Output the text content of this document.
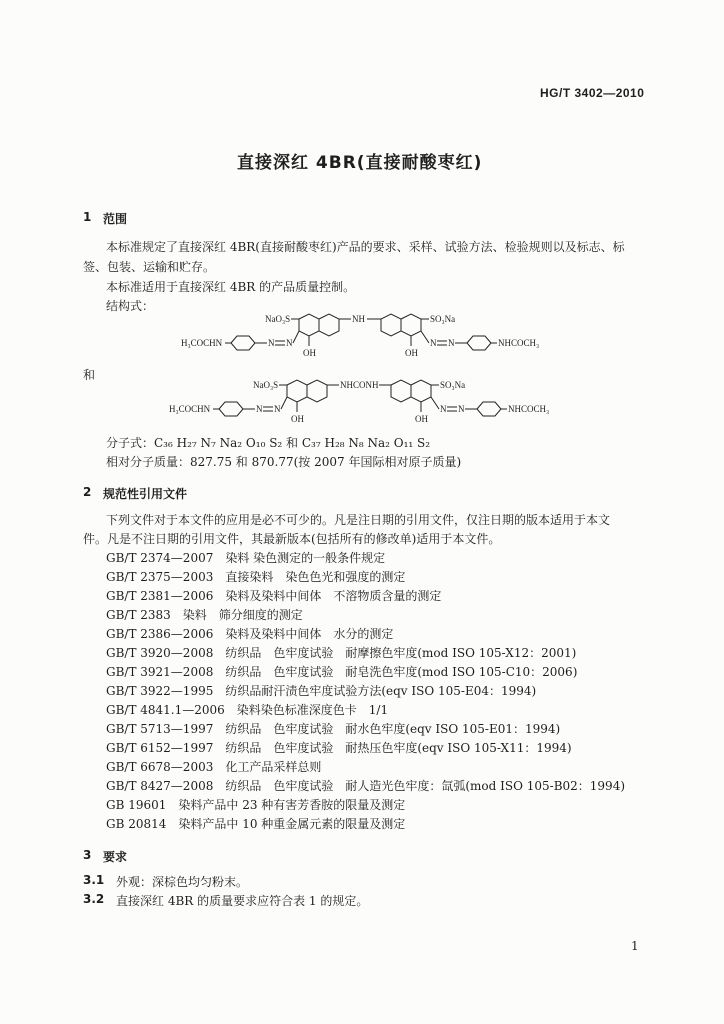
HG/T 3402—2010
直接深红 4BR(直接耐酸枣红)
1 范围
本标准规定了直接深红 4BR(直接耐酸枣红)产品的要求、采样、试验方法、检验规则以及标志、标
签、包装、运输和贮存。
本标准适用于直接深红 4BR 的产品质量控制。
结构式：
NaO₃S	NH	SO₃Na
H₃COCHN	N N
OH	OH
N N	NHCOCH₃
和
NaO₃S	NHCONH	SO₃Na
H₃COCHN	N N
OH	OH
N N	NHCOCH₃
分子式：C₃₆ H₂₇ N₇ Na₂ O₁₀ S₂ 和 C₃₇ H₂₈ N₈ Na₂ O₁₁ S₂
相对分子质量：827.75 和 870.77(按 2007 年国际相对原子质量)
2 规范性引用文件
下列文件对于本文件的应用是必不可少的。凡是注日期的引用文件，仅注日期的版本适用于本文
件。凡是不注日期的引用文件，其最新版本(包括所有的修改单)适用于本文件。
GB/T 2374—2007　染料 染色测定的一般条件规定
GB/T 2375—2003　直接染料　染色色光和强度的测定
GB/T 2381—2006　染料及染料中间体　不溶物质含量的测定
GB/T 2383　染料　筛分细度的测定
GB/T 2386—2006　染料及染料中间体　水分的测定
GB/T 3920—2008　纺织品　色牢度试验　耐摩擦色牢度(mod ISO 105-X12：2001)
GB/T 3921—2008　纺织品　色牢度试验　耐皂洗色牢度(mod ISO 105-C10：2006)
GB/T 3922—1995　纺织品耐汗渍色牢度试验方法(eqv ISO 105-E04：1994)
GB/T 4841.1—2006　染料染色标准深度色卡　1/1
GB/T 5713—1997　纺织品　色牢度试验　耐水色牢度(eqv ISO 105-E01：1994)
GB/T 6152—1997　纺织品　色牢度试验　耐热压色牢度(eqv ISO 105-X11：1994)
GB/T 6678—2003　化工产品采样总则
GB/T 8427—2008　纺织品　色牢度试验　耐人造光色牢度：氙弧(mod ISO 105-B02：1994)
GB 19601　染料产品中 23 种有害芳香胺的限量及测定
GB 20814　染料产品中 10 种重金属元素的限量及测定
3 要求
3.1 外观：深棕色均匀粉末。
3.2 直接深红 4BR 的质量要求应符合表 1 的规定。
1
